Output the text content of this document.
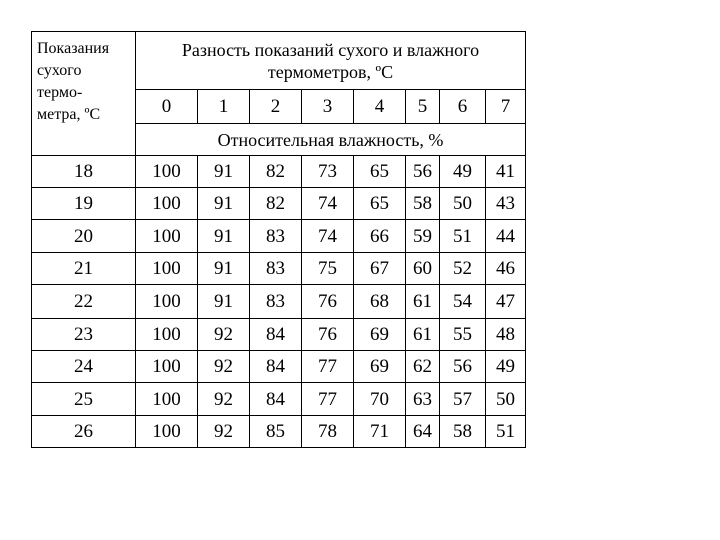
Показания
сухого
термо-
метра, ºС	Разность показаний сухого и влажного
термометров, ºС							

	0	1	2	3	4	5	6	7
	Относительная влажность, %							
18	100	91	82	73	65	56	49	41
19	100	91	82	74	65	58	50	43
20	100	91	83	74	66	59	51	44
21	100	91	83	75	67	60	52	46
22	100	91	83	76	68	61	54	47
23	100	92	84	76	69	61	55	48
24	100	92	84	77	69	62	56	49
25	100	92	84	77	70	63	57	50
26	100	92	85	78	71	64	58	51
